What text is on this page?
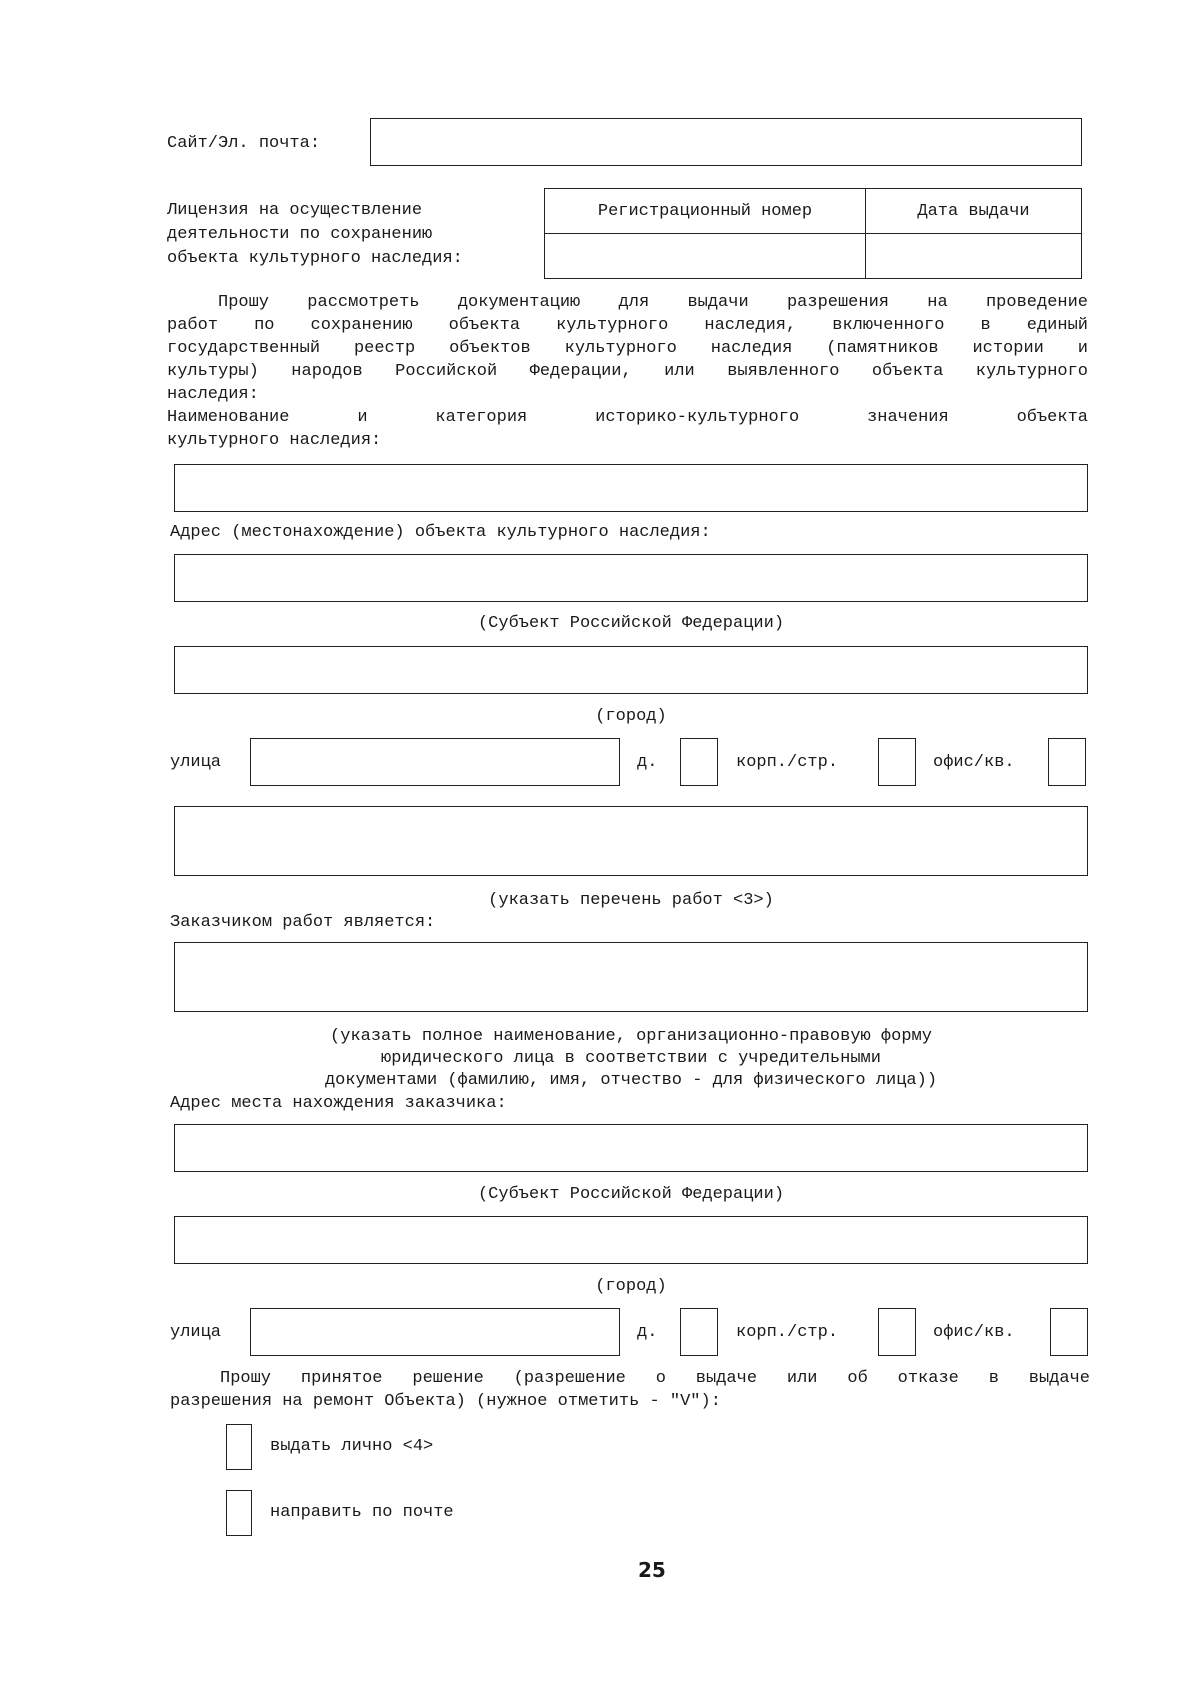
Сайт/Эл. почта:
Лицензия на осуществление
деятельности по сохранению
объекта культурного наследия:
Регистрационный номер	Дата выдачи

Прошу рассмотреть документацию для выдачи разрешения на проведение
работ по сохранению объекта культурного наследия, включенного в единый
государственный реестр объектов культурного наследия (памятников истории и
культуры) народов Российской Федерации, или выявленного объекта культурного
наследия:
Наименование и категория историко-культурного значения объекта
культурного наследия:
Адрес (местонахождение) объекта культурного наследия:
(Субъект Российской Федерации)
(город)
улица	д.	корп./стр.	офис/кв.
(указать перечень работ <3>)
Заказчиком работ является:
(указать полное наименование, организационно-правовую форму
юридического лица в соответствии с учредительными
документами (фамилию, имя, отчество - для физического лица))
Адрес места нахождения заказчика:
(Субъект Российской Федерации)
(город)
улица	д.	корп./стр.	офис/кв.
Прошу принятое решение (разрешение о выдаче или об отказе в выдаче
разрешения на ремонт Объекта) (нужное отметить - "V"):
выдать лично <4>
направить по почте
25
